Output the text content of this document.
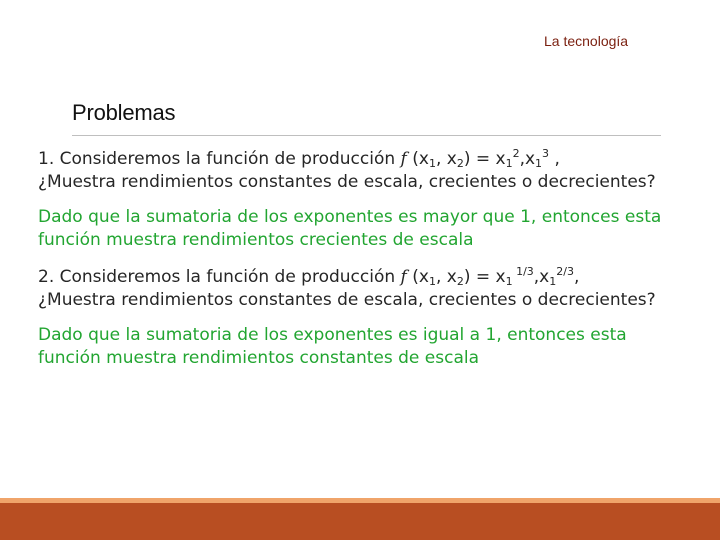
La tecnología
Problemas

1. Consideremos la función de producción f ($x_1$, $x_2) = x_1^2,x_1^3$ ,
¿Muestra rendimientos constantes de escala, crecientes o decrecientes?

Dado que la sumatoria de los exponentes es mayor que 1, entonces esta función muestra rendimientos crecientes de escala

2. Consideremos la función de producción f ($x_1$, $x_2) = x_1$ $^{1/3},x_1^{2/3}$,
¿Muestra rendimientos constantes de escala, crecientes o decrecientes?

Dado que la sumatoria de los exponentes es igual a 1, entonces esta función muestra rendimientos constantes de escala
